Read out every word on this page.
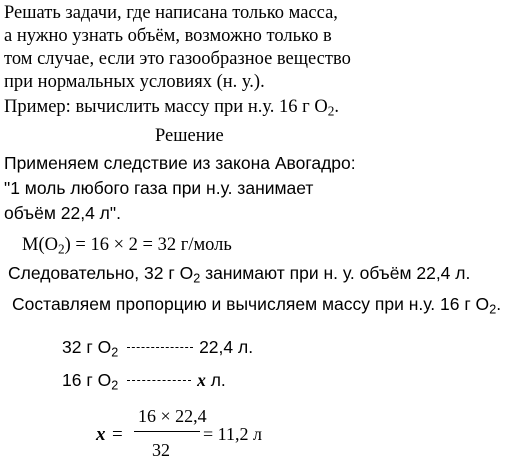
Решать задачи, где написана только масса,
а нужно узнать объём, возможно только в
том случае, если это газообразное вещество
при нормальных условиях (н. у.).
Пример: вычислить массу при н.у. 16 г $O_2$.
Решение
Применяем следствие из закона Авогадро:
"1 моль любого газа при н.у. занимает
объём 22,4 л".
$M(O_2) = 16 \times 2 = 32$ г/моль
Следовательно, 32 г $O_2$ занимают при н. у. объём 22,4 л.
Составляем пропорцию и вычисляем массу при н.у. 16 г $O_2$.
32 г $O_2$	22,4 л.
16 г $O_2$	x л.
x =
16 × 22,4
32
= 11,2 л
